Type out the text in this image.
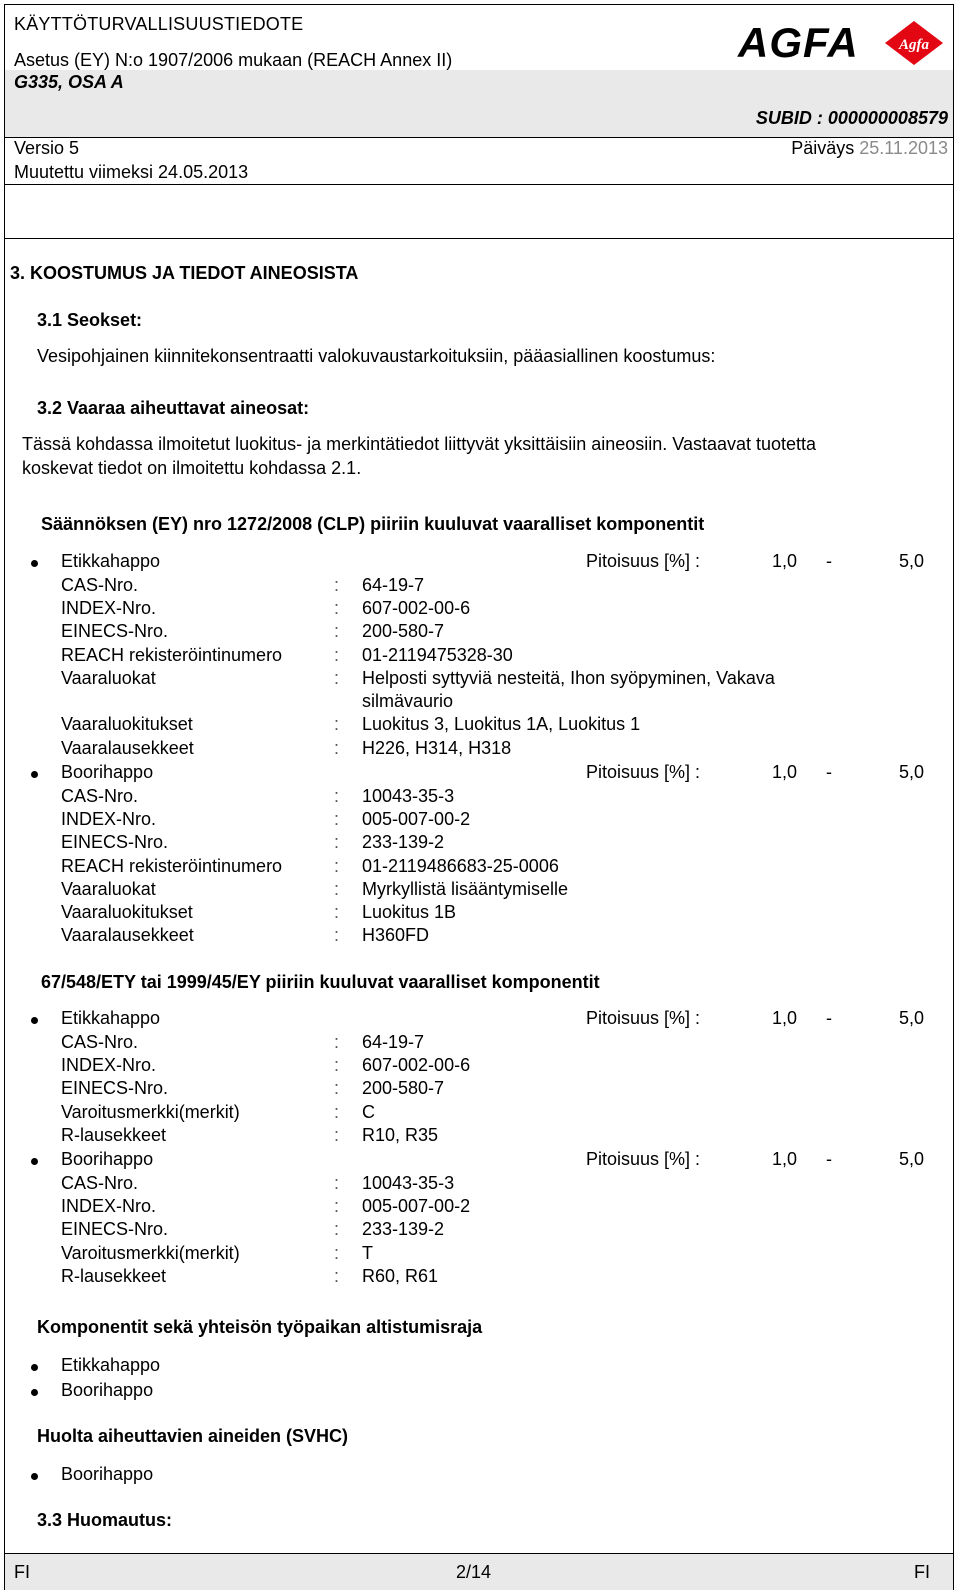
KÄYTTÖTURVALLISUUSTIEDOTE
Asetus (EY) N:o 1907/2006 mukaan (REACH Annex II)
G335, OSA A
SUBID : 000000008579
AGFA	Agfa
Versio 5
Muutettu viimeksi 24.05.2013
Päiväys 25.11.2013
3. KOOSTUMUS JA TIEDOT AINEOSISTA
3.1 Seokset:
Vesipohjainen kiinnitekonsentraatti valokuvaustarkoituksiin, pääasiallinen koostumus:
3.2 Vaaraa aiheuttavat aineosat:
Tässä kohdassa ilmoitetut luokitus- ja merkintätiedot liittyvät yksittäisiin aineosiin. Vastaavat tuotetta
koskevat tiedot on ilmoitettu kohdassa 2.1.
Säännöksen (EY) nro 1272/2008 (CLP) piiriin kuuluvat vaaralliset komponentit
Etikkahappo	Pitoisuus [%] :	1,0 -	5,0
CAS-Nro.	: 64-19-7
INDEX-Nro.	: 607-002-00-6
EINECS-Nro.	: 200-580-7
REACH rekisteröintinumero	: 01-2119475328-30
Vaaraluokat	: Helposti syttyviä nesteitä, Ihon syöpyminen, Vakava
silmävaurio
Vaaraluokitukset	: Luokitus 3, Luokitus 1A, Luokitus 1
Vaaralausekkeet	: H226, H314, H318
Boorihappo	Pitoisuus [%] :	1,0 -	5,0
CAS-Nro.	: 10043-35-3
INDEX-Nro.	: 005-007-00-2
EINECS-Nro.	: 233-139-2
REACH rekisteröintinumero	: 01-2119486683-25-0006
Vaaraluokat	: Myrkyllistä lisääntymiselle
Vaaraluokitukset	: Luokitus 1B
Vaaralausekkeet	: H360FD
67/548/ETY tai 1999/45/EY piiriin kuuluvat vaaralliset komponentit
Etikkahappo	Pitoisuus [%] :	1,0 -	5,0
CAS-Nro.	: 64-19-7
INDEX-Nro.	: 607-002-00-6
EINECS-Nro.	: 200-580-7
Varoitusmerkki(merkit)	: C
R-lausekkeet	: R10, R35
Boorihappo	Pitoisuus [%] :	1,0 -	5,0
CAS-Nro.	: 10043-35-3
INDEX-Nro.	: 005-007-00-2
EINECS-Nro.	: 233-139-2
Varoitusmerkki(merkit)	: T
R-lausekkeet	: R60, R61
Komponentit sekä yhteisön työpaikan altistumisraja
Etikkahappo
Boorihappo
Huolta aiheuttavien aineiden (SVHC)
Boorihappo
3.3 Huomautus:
FI	2/14	FI
